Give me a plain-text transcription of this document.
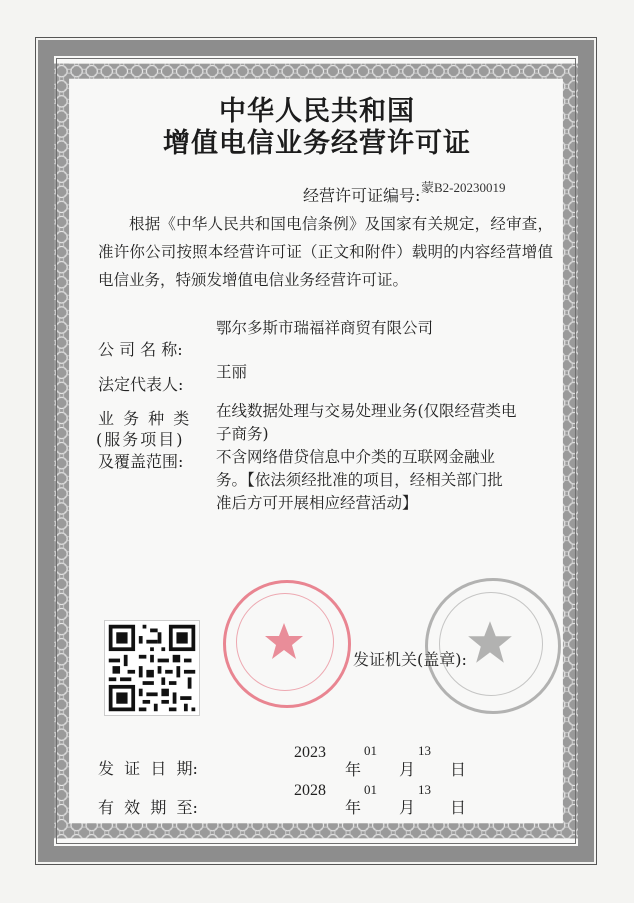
中华人民共和国
增值电信业务经营许可证
经营许可证编号: 蒙B2-20230019
根据《中华人民共和国电信条例》及国家有关规定，经审查，准许你公司按照本经营许可证（正文和附件）载明的内容经营增值电信业务，特颁发增值电信业务经营许可证。
公 司 名 称:
鄂尔多斯市瑞福祥商贸有限公司
法定代表人:
王丽
业 务 种 类
(服务项目)
及覆盖范围:
在线数据处理与交易处理业务(仅限经营类电
子商务)
不含网络借贷信息中介类的互联网金融业
务。【依法须经批准的项目，经相关部门批
准后方可开展相应经营活动】
发证机关(盖章):
发  证  日  期:
2023
年
01
月
13
日
有  效  期  至:
2028
年
01
月
13
日
